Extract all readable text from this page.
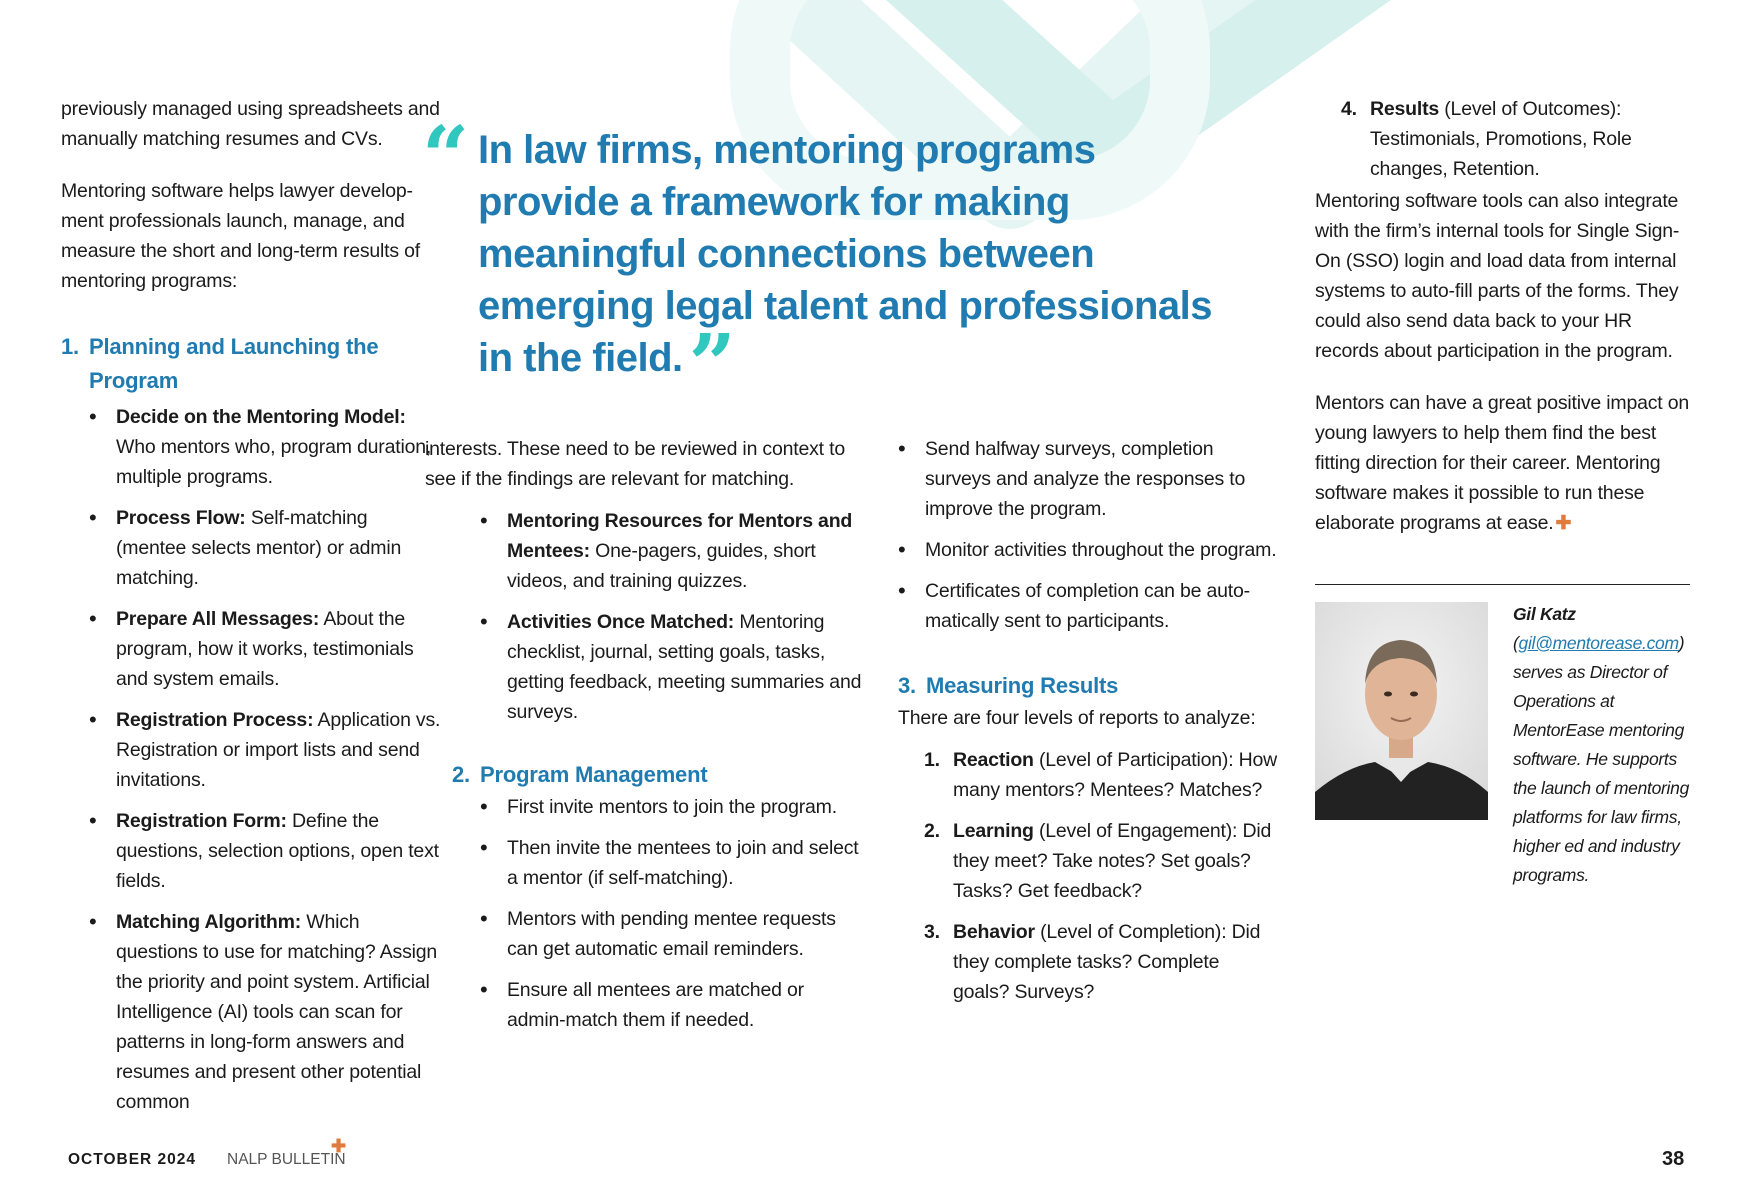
previously managed using spreadsheets and manually matching resumes and CVs.

Mentoring software helps lawyer develop-ment professionals launch, manage, and measure the short and long-term results of mentoring programs:

1. Planning and Launching the Program
• Decide on the Mentoring Model: Who mentors who, program duration, multiple programs.
• Process Flow: Self-matching (mentee selects mentor) or admin matching.
• Prepare All Messages: About the program, how it works, testimonials and system emails.
• Registration Process: Application vs. Registration or import lists and send invitations.
• Registration Form: Define the questions, selection options, open text fields.
• Matching Algorithm: Which questions to use for matching? Assign the priority and point system. Artificial Intelligence (AI) tools can scan for patterns in long-form answers and resumes and present other potential common
“ In law firms, mentoring programs provide a framework for making meaningful connections between emerging legal talent and professionals in the field.”

interests. These need to be reviewed in context to see if the findings are relevant for matching.

• Mentoring Resources for Mentors and Mentees: One-pagers, guides, short videos, and training quizzes.
• Activities Once Matched: Mentoring checklist, journal, setting goals, tasks, getting feedback, meeting summaries and surveys.
2. Program Management
• First invite mentors to join the program.
• Then invite the mentees to join and select a mentor (if self-matching).
• Mentors with pending mentee requests can get automatic email reminders.
• Ensure all mentees are matched or admin-match them if needed.
• Send halfway surveys, completion surveys and analyze the responses to improve the program.
• Monitor activities throughout the program.
• Certificates of completion can be auto-matically sent to participants.
3. Measuring Results

There are four levels of reports to analyze:

1. Reaction (Level of Participation): How many mentors? Mentees? Matches?
2. Learning (Level of Engagement): Did they meet? Take notes? Set goals? Tasks? Get feedback?
3. Behavior (Level of Completion): Did they complete tasks? Complete goals? Surveys?
4. Results (Level of Outcomes): Testimonials, Promotions, Role changes, Retention.

Mentoring software tools can also integrate with the firm’s internal tools for Single Sign-On (SSO) login and load data from internal systems to auto-fill parts of the forms. They could also send data back to your HR records about participation in the program.

Mentors can have a great positive impact on young lawyers to help them find the best fitting direction for their career. Mentoring software makes it possible to run these elaborate programs at ease. ✚

Gil Katz (gil@mentorease.com) serves as Director of Operations at MentorEase mentoring software. He supports the launch of mentoring platforms for law firms, higher ed and industry programs.
OCTOBER 2024 NALP BULLETIN
✚
38
